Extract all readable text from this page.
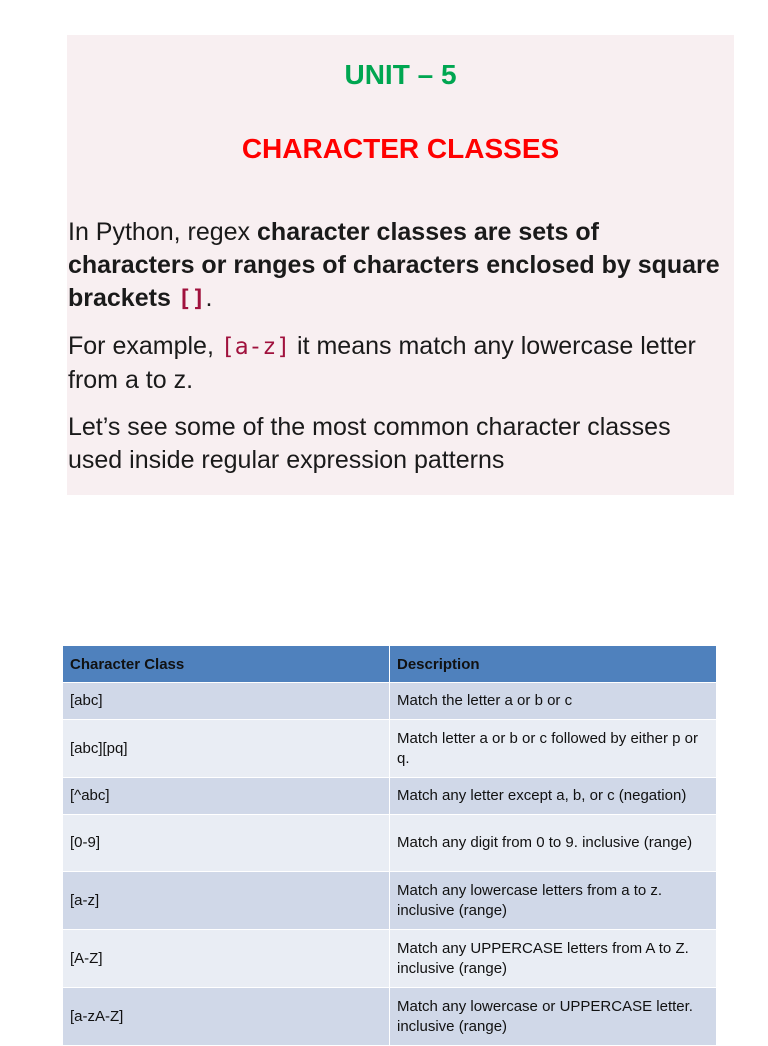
UNIT – 5
CHARACTER CLASSES

In Python, regex character classes are sets of characters or ranges of characters enclosed by square brackets [].

For example, [a-z] it means match any lowercase letter from a to z.

Let’s see some of the most common character classes used inside regular expression patterns

Character Class	Description
[abc]	Match the letter a or b or c
[abc][pq]	Match letter a or b or c followed by either p or q.
[^abc]	Match any letter except a, b, or c (negation)
[0-9]	Match any digit from 0 to 9. inclusive (range)
[a-z]	Match any lowercase letters from a to z. inclusive (range)
[A-Z]	Match any UPPERCASE letters from A to Z. inclusive (range)
[a-zA-Z]	Match any lowercase or UPPERCASE letter. inclusive (range)
